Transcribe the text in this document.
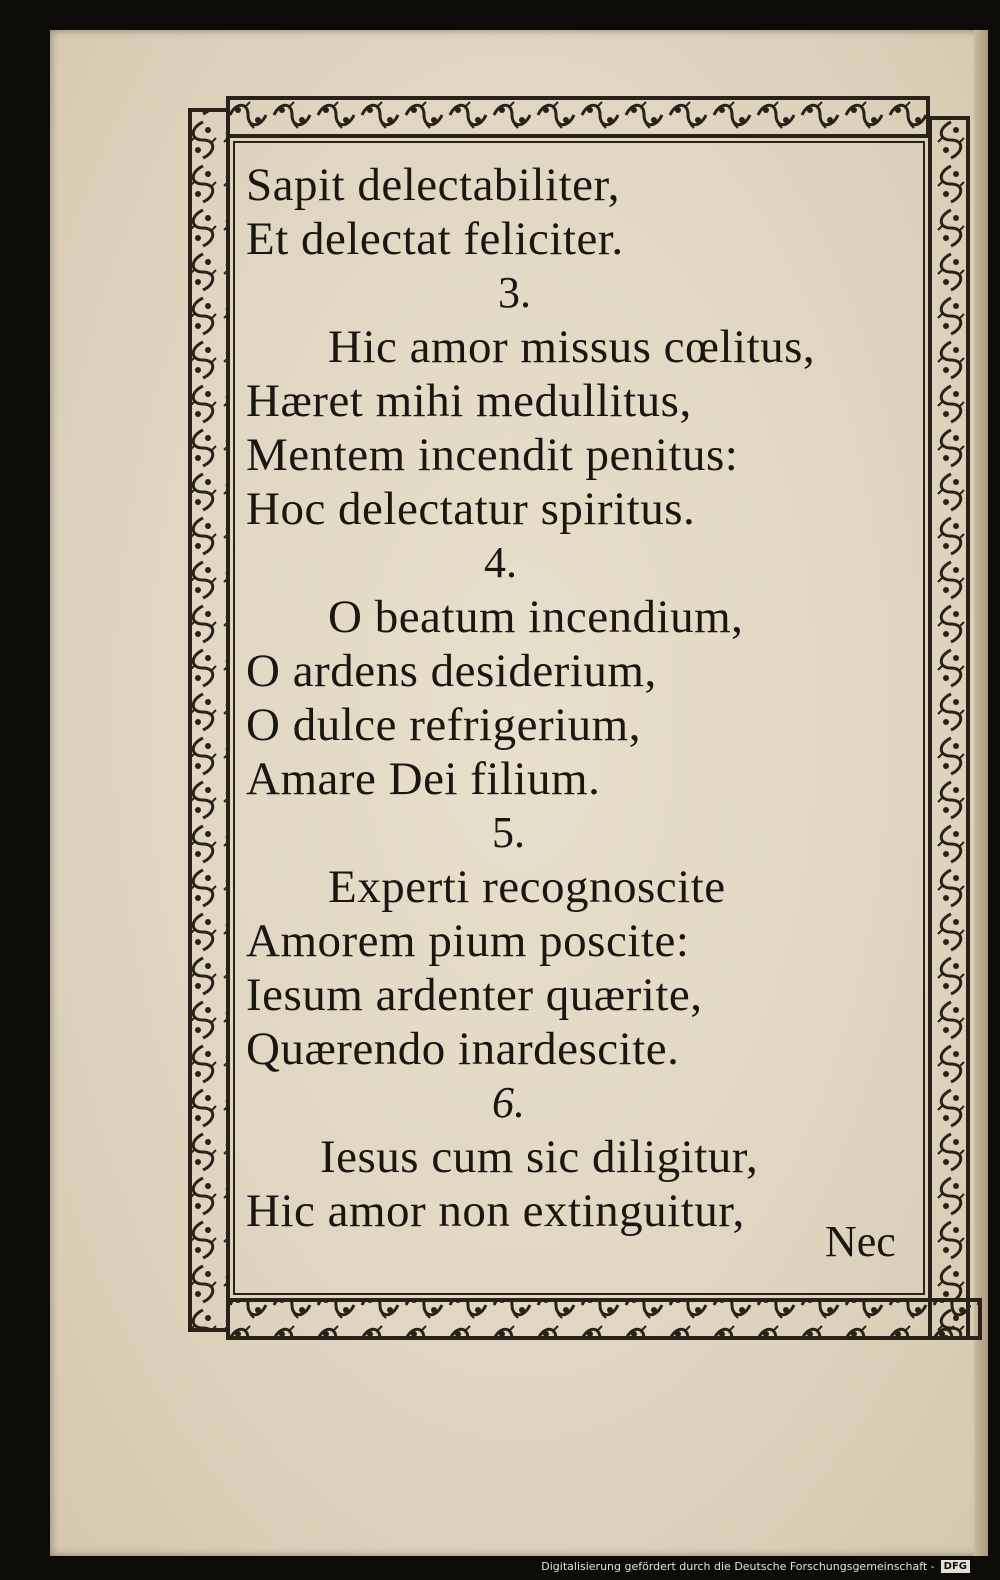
Sapit delectabiliter,
Et delectat feliciter.
3.
Hic amor missus cœlitus,
Hæret mihi medullitus,
Mentem incendit penitus:
Hoc delectatur spiritus.
4.
O beatum incendium,
O ardens desiderium,
O dulce refrigerium,
Amare Dei filium.
5.
Experti recognoscite
Amorem pium poscite:
Iesum ardenter quærite,
Quærendo inardescite.
6.
Iesus cum sic diligitur,
Hic amor non extinguitur,
Nec
Digitalisierung gefördert durch die Deutsche Forschungsgemeinschaft - DFG
